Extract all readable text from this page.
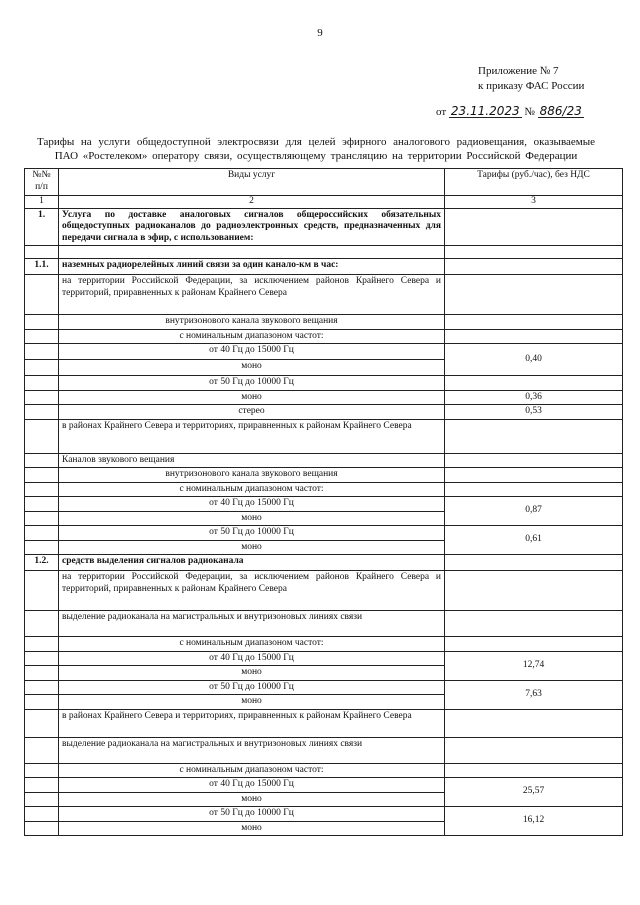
9
Приложение № 7
к приказу ФАС России
от 23.11.2023 № 886/23
Тарифы на услуги общедоступной электросвязи для целей эфирного аналогового радиовещания, оказываемые ПАО «Ростелеком» оператору связи, осуществляющему трансляцию на территории Российской Федерации
№№ п/п	Виды услуг	Тарифы (руб./час), без НДС
1	2	3
1.	Услуга по доставке аналоговых сигналов общероссийских обязательных общедоступных радиоканалов до радиоэлектронных средств, предназначенных для передачи сигнала в эфир, с использованием:	

1.1.	наземных радиорелейных линий связи за один канало-км в час:	
	на территории Российской Федерации, за исключением районов Крайнего Севера и территорий, приравненных к районам Крайнего Севера	
	внутризонового канала звукового вещания	
	с номинальным диапазоном частот:	
	от 40 Гц до 15000 Гц	0,40
	моно	
	от 50 Гц до 10000 Гц	
	моно	0,36
	стерео	0,53
	в районах Крайнего Севера и территориях, приравненных к районам Крайнего Севера	
	Каналов звукового вещания	
	внутризонового канала звукового вещания	
	с номинальным диапазоном частот:	
	от 40 Гц до 15000 Гц	0,87
	моно	
	от 50 Гц до 10000 Гц	0,61
	моно	
1.2.	средств выделения сигналов радиоканала	
	на территории Российской Федерации, за исключением районов Крайнего Севера и территорий, приравненных к районам Крайнего Севера	
	выделение радиоканала на магистральных и внутризоновых линиях связи	
	с номинальным диапазоном частот:	
	от 40 Гц до 15000 Гц	12,74
	моно	
	от 50 Гц до 10000 Гц	7,63
	моно	
	в районах Крайнего Севера и территориях, приравненных к районам Крайнего Севера	
	выделение радиоканала на магистральных и внутризоновых линиях связи	
	с номинальным диапазоном частот:	
	от 40 Гц до 15000 Гц	25,57
	моно	
	от 50 Гц до 10000 Гц	16,12
	моно	
